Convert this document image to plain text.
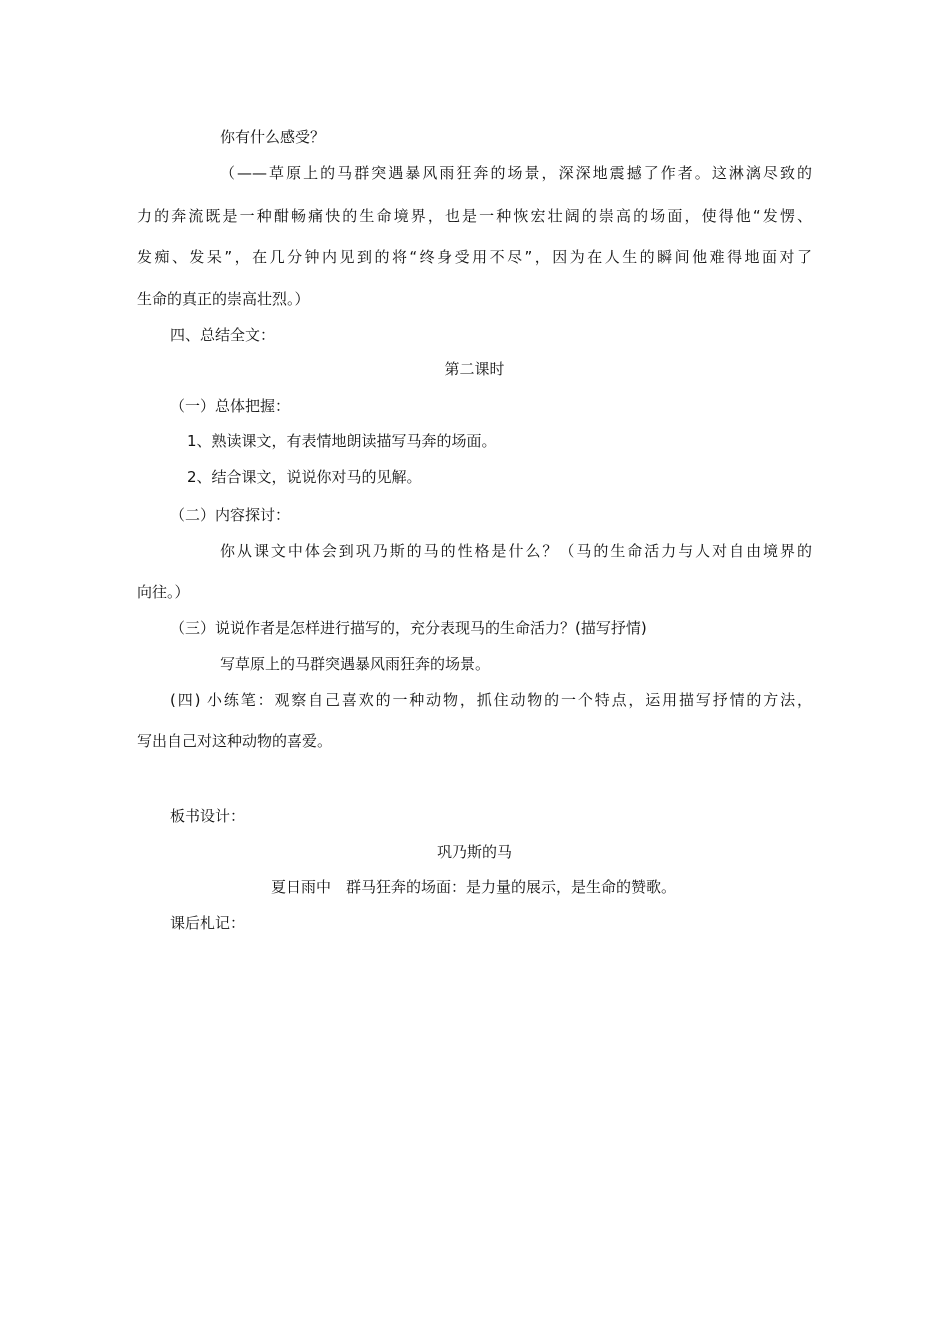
你有什么感受？
（——草原上的马群突遇暴风雨狂奔的场景，深深地震撼了作者。这淋漓尽致的
力的奔流既是一种酣畅痛快的生命境界，也是一种恢宏壮阔的崇高的场面，使得他“发愣、
发痴、发呆”，在几分钟内见到的将“终身受用不尽”，因为在人生的瞬间他难得地面对了
生命的真正的崇高壮烈。）
四、总结全文：
第二课时
（一）总体把握：
1、熟读课文，有表情地朗读描写马奔的场面。
2、结合课文，说说你对马的见解。
（二）内容探讨：
你从课文中体会到巩乃斯的马的性格是什么？（马的生命活力与人对自由境界的
向往。）
（三）说说作者是怎样进行描写的，充分表现马的生命活力？(描写抒情)
写草原上的马群突遇暴风雨狂奔的场景。
(四) 小练笔：观察自己喜欢的一种动物，抓住动物的一个特点，运用描写抒情的方法，
写出自己对这种动物的喜爱。
板书设计：
巩乃斯的马
夏日雨中　群马狂奔的场面：是力量的展示，是生命的赞歌。
课后札记：
